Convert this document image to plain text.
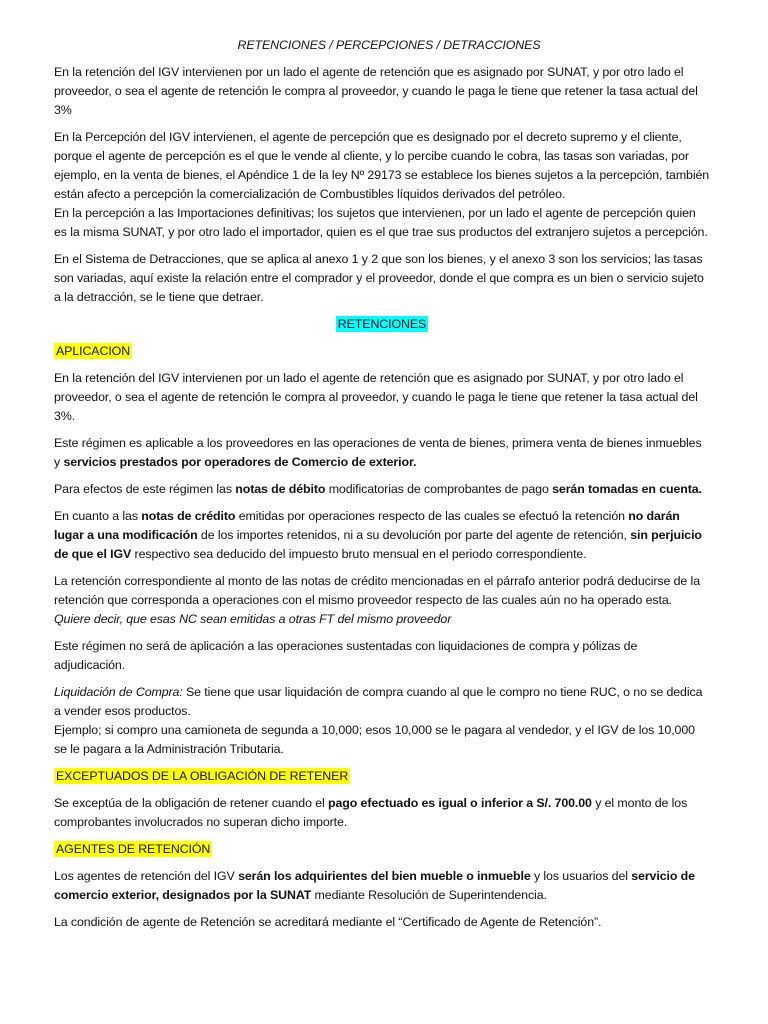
RETENCIONES / PERCEPCIONES / DETRACCIONES

En la retención del IGV intervienen por un lado el agente de retención que es asignado por SUNAT, y por otro lado el proveedor, o sea el agente de retención le compra al proveedor, y cuando le paga le tiene que retener la tasa actual del 3%

En la Percepción del IGV intervienen, el agente de percepción que es designado por el decreto supremo y el cliente, porque el agente de percepción es el que le vende al cliente, y lo percibe cuando le cobra, las tasas son variadas, por ejemplo, en la venta de bienes, el Apéndice 1 de la ley Nº 29173 se establece los bienes sujetos a la percepción, también están afecto a percepción la comercialización de Combustibles líquidos derivados del petróleo.

En la percepción a las Importaciones definitivas; los sujetos que intervienen, por un lado el agente de percepción quien es la misma SUNAT, y por otro lado el importador, quien es el que trae sus productos del extranjero sujetos a percepción.

En el Sistema de Detracciones, que se aplica al anexo 1 y 2 que son los bienes, y el anexo 3 son los servicios; las tasas son variadas, aquí existe la relación entre el comprador y el proveedor, donde el que compra es un bien o servicio sujeto a la detracción, se le tiene que detraer.

RETENCIONES

APLICACION

En la retención del IGV intervienen por un lado el agente de retención que es asignado por SUNAT, y por otro lado el proveedor, o sea el agente de retención le compra al proveedor, y cuando le paga le tiene que retener la tasa actual del 3%.

Este régimen es aplicable a los proveedores en las operaciones de venta de bienes, primera venta de bienes inmuebles y servicios prestados por operadores de Comercio de exterior.

Para efectos de este régimen las notas de débito modificatorias de comprobantes de pago serán tomadas en cuenta.

En cuanto a las notas de crédito emitidas por operaciones respecto de las cuales se efectuó la retención no darán lugar a una modificación de los importes retenidos, ni a su devolución por parte del agente de retención, sin perjuicio de que el IGV respectivo sea deducido del impuesto bruto mensual en el periodo correspondiente.

La retención correspondiente al monto de las notas de crédito mencionadas en el párrafo anterior podrá deducirse de la retención que corresponda a operaciones con el mismo proveedor respecto de las cuales aún no ha operado esta.

Quiere decir, que esas NC sean emitidas a otras FT del mismo proveedor

Este régimen no será de aplicación a las operaciones sustentadas con liquidaciones de compra y pólizas de adjudicación.

Liquidación de Compra: Se tiene que usar liquidación de compra cuando al que le compro no tiene RUC, o no se dedica a vender esos productos.

Ejemplo; si compro una camioneta de segunda a 10,000; esos 10,000 se le pagara al vendedor, y el IGV de los 10,000 se le pagara a la Administración Tributaria.

EXCEPTUADOS DE LA OBLIGACIÓN DE RETENER

Se exceptúa de la obligación de retener cuando el pago efectuado es igual o inferior a S/. 700.00 y el monto de los comprobantes involucrados no superan dicho importe.

AGENTES DE RETENCIÓN

Los agentes de retención del IGV serán los adquirientes del bien mueble o inmueble y los usuarios del servicio de comercio exterior, designados por la SUNAT mediante Resolución de Superintendencia.

La condición de agente de Retención se acreditará mediante el “Certificado de Agente de Retención”.
